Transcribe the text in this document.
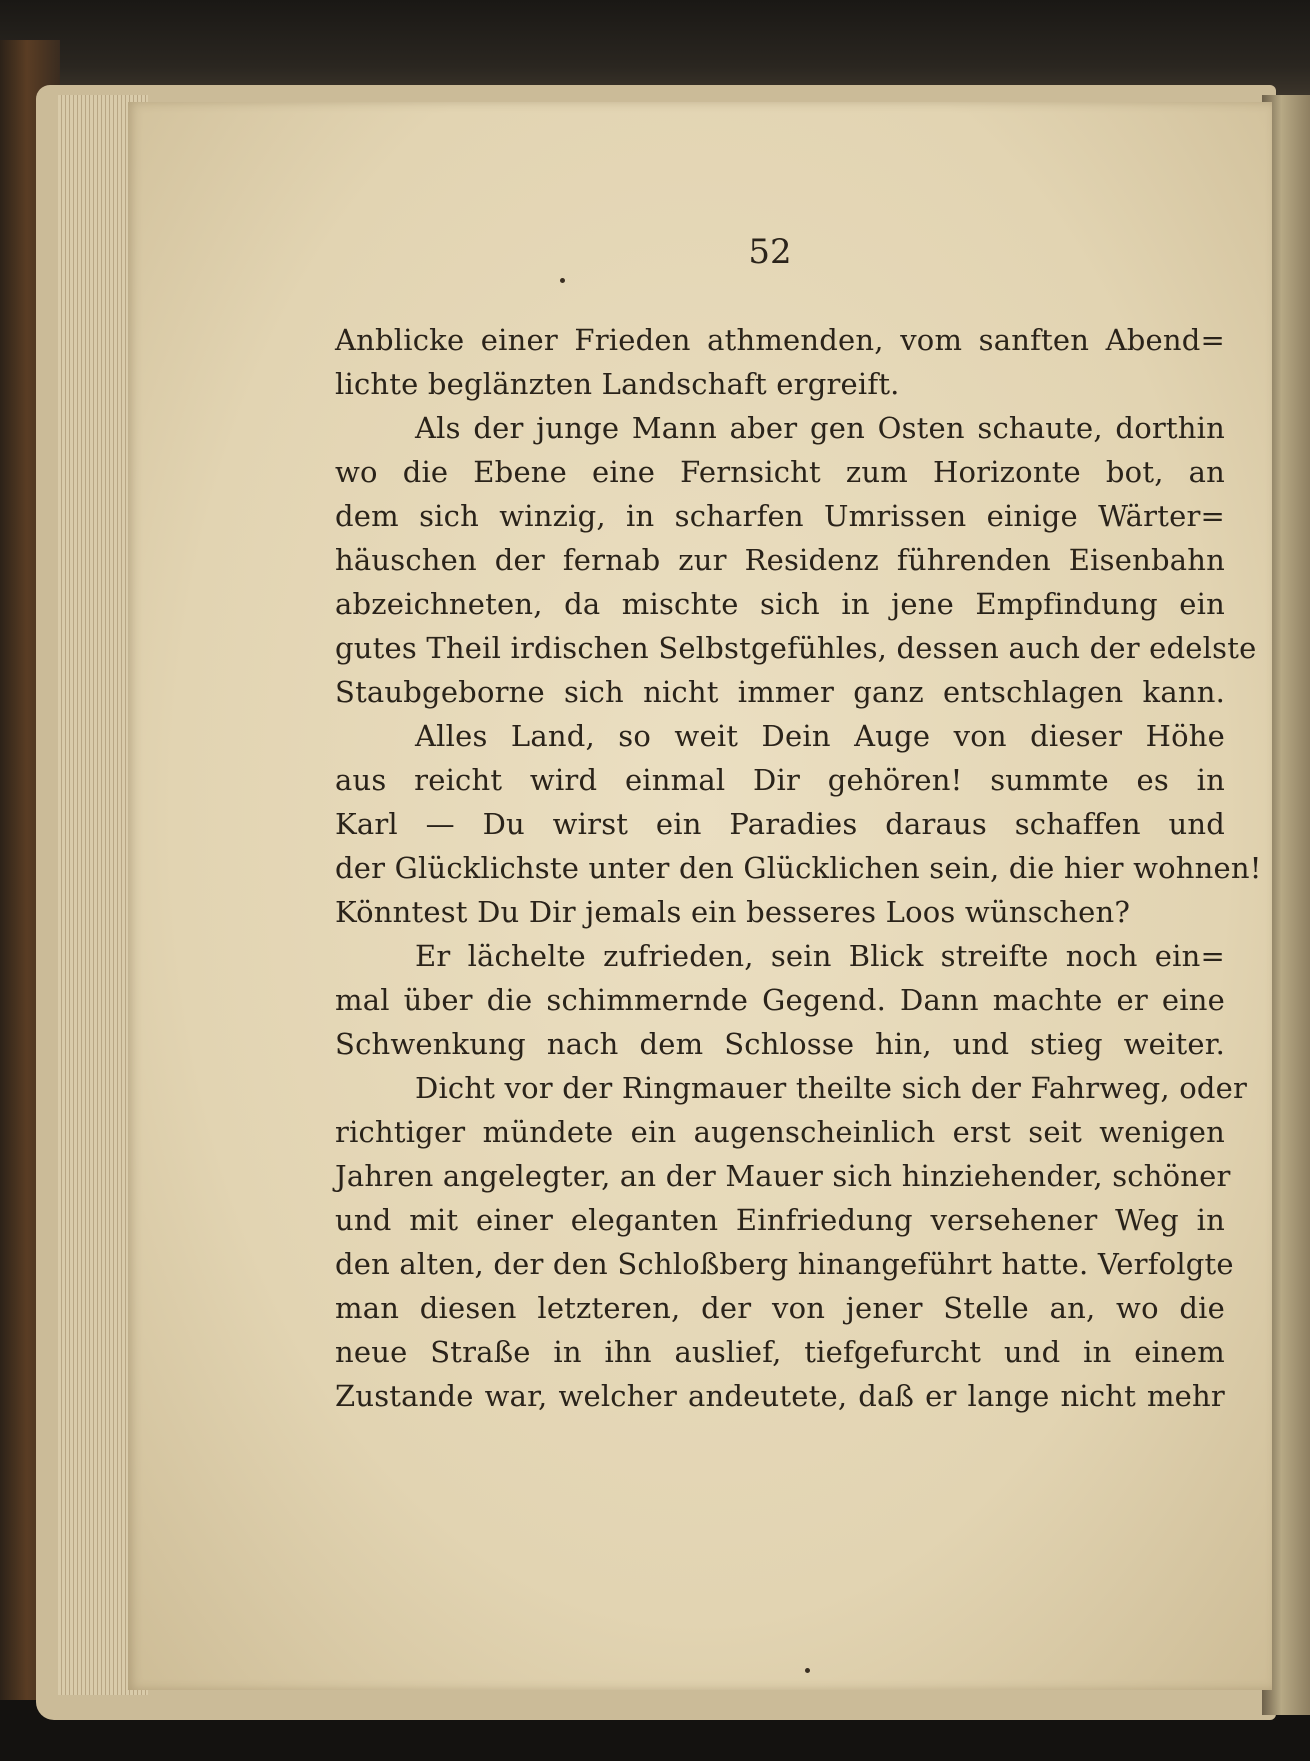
52
Anblicke einer Frieden athmenden, vom sanften Abend=
lichte beglänzten Landschaft ergreift.
Als der junge Mann aber gen Osten schaute, dorthin
wo die Ebene eine Fernsicht zum Horizonte bot, an
dem sich winzig, in scharfen Umrissen einige Wärter=
häuschen der fernab zur Residenz führenden Eisenbahn
abzeichneten, da mischte sich in jene Empfindung ein
gutes Theil irdischen Selbstgefühles, dessen auch der edelste
Staubgeborne sich nicht immer ganz entschlagen kann.
Alles Land, so weit Dein Auge von dieser Höhe
aus reicht wird einmal Dir gehören! summte es in
Karl — Du wirst ein Paradies daraus schaffen und
der Glücklichste unter den Glücklichen sein, die hier wohnen!
Könntest Du Dir jemals ein besseres Loos wünschen?
Er lächelte zufrieden, sein Blick streifte noch ein=
mal über die schimmernde Gegend. Dann machte er eine
Schwenkung nach dem Schlosse hin, und stieg weiter.
Dicht vor der Ringmauer theilte sich der Fahrweg, oder
richtiger mündete ein augenscheinlich erst seit wenigen
Jahren angelegter, an der Mauer sich hinziehender, schöner
und mit einer eleganten Einfriedung versehener Weg in
den alten, der den Schloßberg hinangeführt hatte. Verfolgte
man diesen letzteren, der von jener Stelle an, wo die
neue Straße in ihn auslief, tiefgefurcht und in einem
Zustande war, welcher andeutete, daß er lange nicht mehr
